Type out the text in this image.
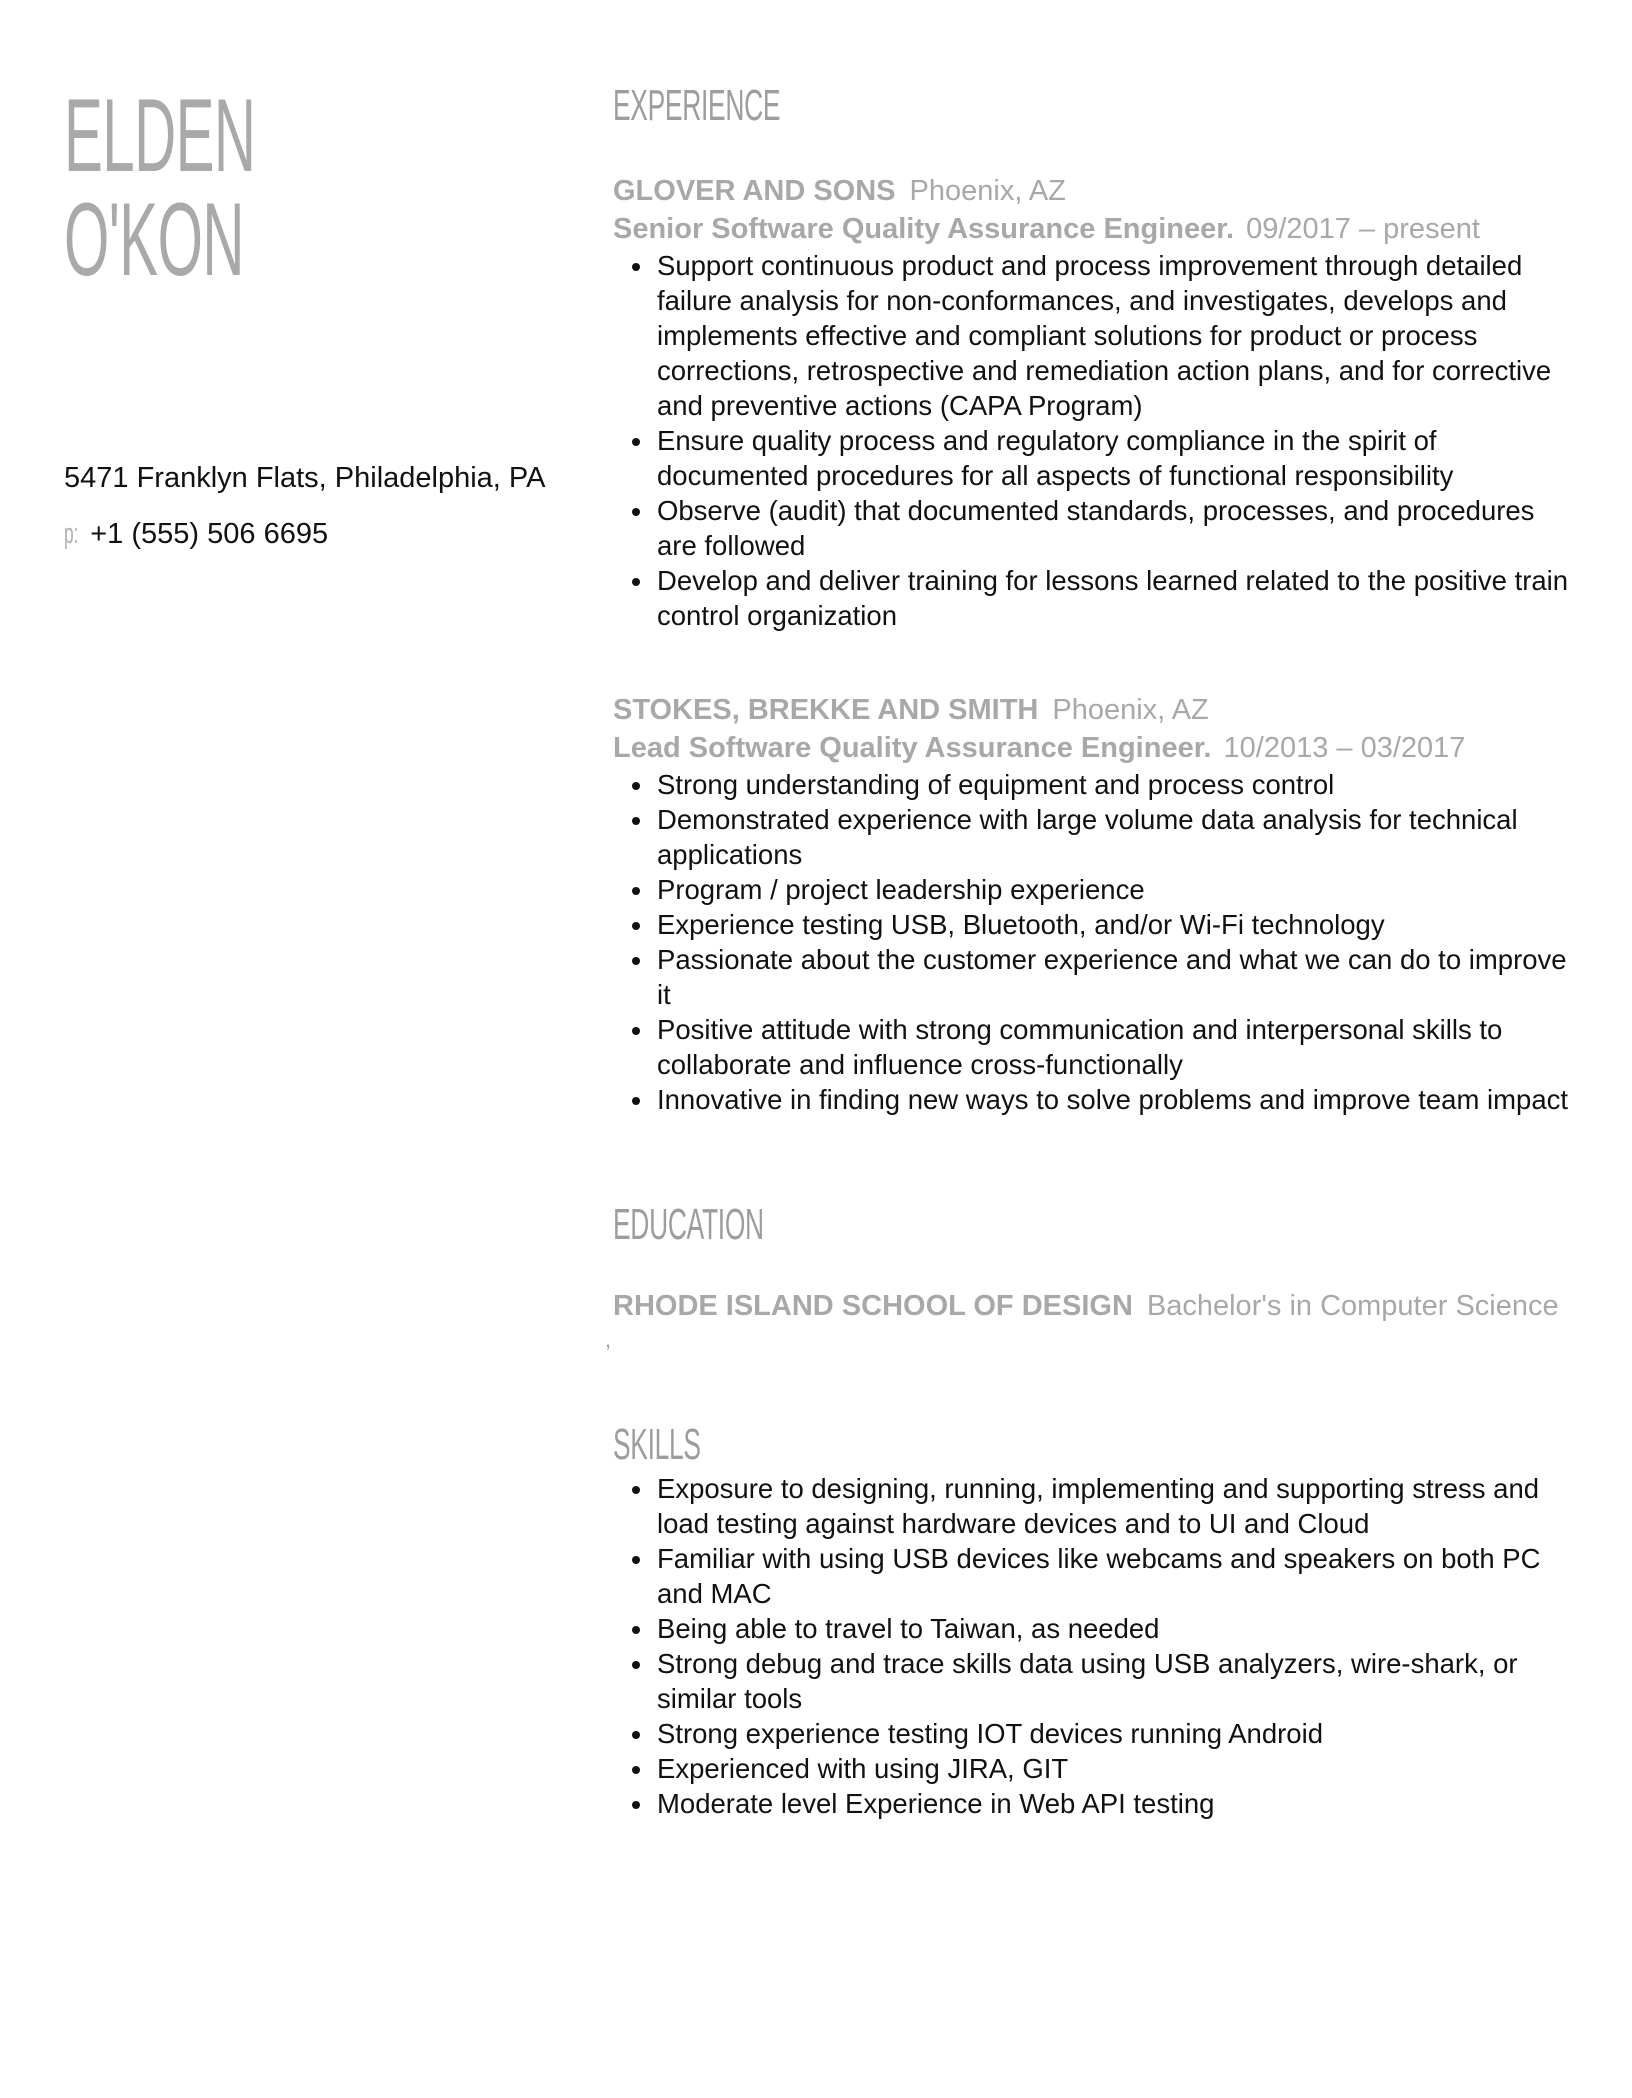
ELDEN
O'KON
5471 Franklyn Flats, Philadelphia, PA
p: +1 (555) 506 6695
EXPERIENCE
GLOVER AND SONS Phoenix, AZ
Senior Software Quality Assurance Engineer. 09/2017 – present
• Support continuous product and process improvement through detailed failure analysis for non-conformances, and investigates, develops and implements effective and compliant solutions for product or process corrections, retrospective and remediation action plans, and for corrective and preventive actions (CAPA Program)
• Ensure quality process and regulatory compliance in the spirit of documented procedures for all aspects of functional responsibility
• Observe (audit) that documented standards, processes, and procedures are followed
• Develop and deliver training for lessons learned related to the positive train control organization
STOKES, BREKKE AND SMITH Phoenix, AZ
Lead Software Quality Assurance Engineer. 10/2013 – 03/2017
• Strong understanding of equipment and process control
• Demonstrated experience with large volume data analysis for technical applications
• Program / project leadership experience
• Experience testing USB, Bluetooth, and/or Wi-Fi technology
• Passionate about the customer experience and what we can do to improve it
• Positive attitude with strong communication and interpersonal skills to collaborate and influence cross-functionally
• Innovative in finding new ways to solve problems and improve team impact
EDUCATION
RHODE ISLAND SCHOOL OF DESIGN Bachelor's in Computer Science
,
SKILLS
• Exposure to designing, running, implementing and supporting stress and load testing against hardware devices and to UI and Cloud
• Familiar with using USB devices like webcams and speakers on both PC and MAC
• Being able to travel to Taiwan, as needed
• Strong debug and trace skills data using USB analyzers, wire-shark, or similar tools
• Strong experience testing IOT devices running Android
• Experienced with using JIRA, GIT
• Moderate level Experience in Web API testing
